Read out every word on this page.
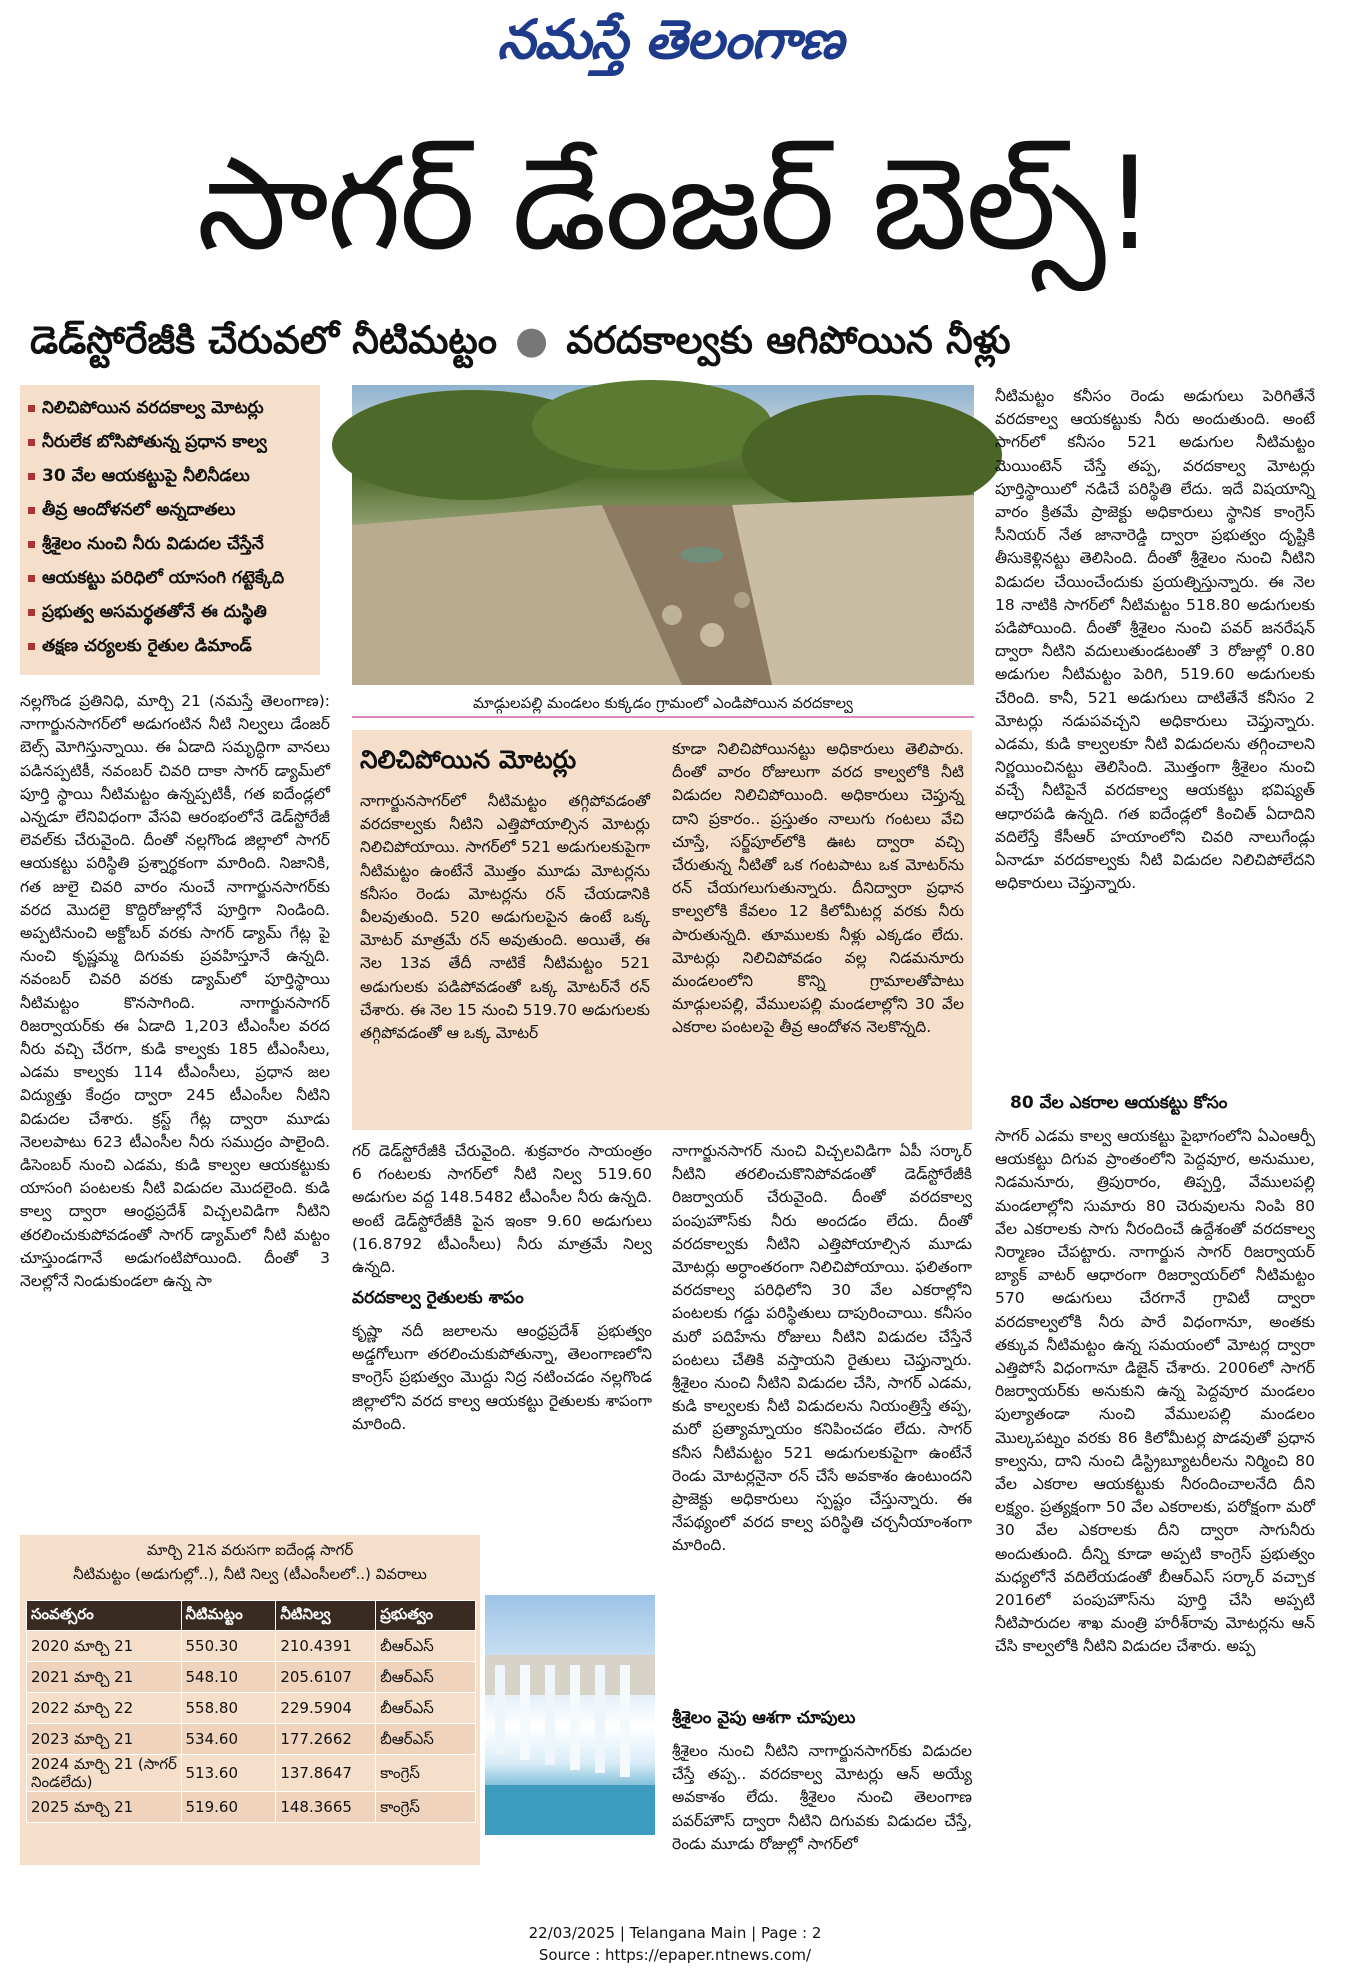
నమస్తే తెలంగాణ
సాగర్ డేంజర్ బెల్స్!
డెడ్‌స్టోరేజీకి చేరువలో నీటిమట్టం ● వరదకాల్వకు ఆగిపోయిన నీళ్లు
నిలిచిపోయిన వరదకాల్వ మోటర్లు
నీరులేక బోసిపోతున్న ప్రధాన కాల్వ
30 వేల ఆయకట్టుపై నీలినీడలు
తీవ్ర ఆందోళనలో అన్నదాతలు
శ్రీశైలం నుంచి నీరు విడుదల చేస్తేనే
ఆయకట్టు పరిధిలో యాసంగి గట్టెక్కేది
ప్రభుత్వ అసమర్థతతోనే ఈ దుస్థితి
తక్షణ చర్యలకు రైతుల డిమాండ్
మాడ్గులపల్లి మండలం కుక్కడం గ్రామంలో ఎండిపోయిన వరదకాల్వ

నల్లగొండ ప్రతినిధి, మార్చి 21 (నమస్తే తెలంగాణ): నాగార్జునసాగర్‌లో అడుగంటిన నీటి నిల్వలు డేంజర్ బెల్స్ మోగిస్తున్నాయి. ఈ ఏడాది సమృద్ధిగా వానలు పడినప్పటికీ, నవంబర్ చివరి దాకా సాగర్ డ్యామ్‌లో పూర్తి స్థాయి నీటిమట్టం ఉన్నప్పటికీ, గత ఐదేండ్లలో ఎన్నడూ లేనివిధంగా వేసవి ఆరంభంలోనే డెడ్‌స్టోరేజీ లెవల్‌కు చేరువైంది. దీంతో నల్లగొండ జిల్లాలో సాగర్ ఆయకట్టు పరిస్థితి ప్రశ్నార్థకంగా మారింది. నిజానికి, గత జులై చివరి వారం నుంచే నాగార్జునసాగర్‌కు వరద మొదలై కొద్దిరోజుల్లోనే పూర్తిగా నిండింది. అప్పటినుంచి అక్టోబర్ వరకు సాగర్ డ్యామ్ గేట్ల పై నుంచి కృష్ణమ్మ దిగువకు ప్రవహిస్తూనే ఉన్నది. నవంబర్ చివరి వరకు డ్యామ్‌లో పూర్తిస్థాయి నీటిమట్టం కొనసాగింది. నాగార్జునసాగర్ రిజర్వాయర్‌కు ఈ ఏడాది 1,203 టీఎంసీల వరద నీరు వచ్చి చేరగా, కుడి కాల్వకు 185 టీఎంసీలు, ఎడమ కాల్వకు 114 టీఎంసీలు, ప్రధాన జల విద్యుత్తు కేంద్రం ద్వారా 245 టీఎంసీల నీటిని విడుదల చేశారు. క్రస్ట్ గేట్ల ద్వారా మూడు నెలలపాటు 623 టీఎంసీల నీరు సముద్రం పాలైంది. డిసెంబర్ నుంచి ఎడమ, కుడి కాల్వల ఆయకట్టుకు యాసంగి పంటలకు నీటి విడుదల మొదలైంది. కుడి కాల్వ ద్వారా ఆంధ్రప్రదేశ్ విచ్చలవిడిగా నీటిని తరలించుకుపోవడంతో సాగర్ డ్యామ్‌లో నీటి మట్టం చూస్తుండగానే అడుగంటిపోయింది. దీంతో 3 నెలల్లోనే నిండుకుండలా ఉన్న సా

నిలిచిపోయిన మోటర్లు

నాగార్జునసాగర్‌లో నీటిమట్టం తగ్గిపోవడంతో వరదకాల్వకు నీటిని ఎత్తిపోయాల్సిన మోటర్లు నిలిచిపోయాయి. సాగర్‌లో 521 అడుగులకుపైగా నీటిమట్టం ఉంటేనే మొత్తం మూడు మోటర్లను కనీసం రెండు మోటర్లను రన్ చేయడానికి వీలవుతుంది. 520 అడుగులపైన ఉంటే ఒక్క మోటర్ మాత్రమే రన్ అవుతుంది. అయితే, ఈ నెల 13వ తేదీ నాటికే నీటిమట్టం 521 అడుగులకు పడిపోవడంతో ఒక్క మోటర్‌నే రన్ చేశారు. ఈ నెల 15 నుంచి 519.70 అడుగులకు తగ్గిపోవడంతో ఆ ఒక్క మోటర్

కూడా నిలిచిపోయినట్టు అధికారులు తెలిపారు. దీంతో వారం రోజులుగా వరద కాల్వలోకి నీటి విడుదల నిలిచిపోయింది. అధికారులు చెప్తున్న దాని ప్రకారం.. ప్రస్తుతం నాలుగు గంటలు వేచి చూస్తే, సర్జ్‌పూల్‌లోకి ఊట ద్వారా వచ్చి చేరుతున్న నీటితో ఒక గంటపాటు ఒక మోటర్‌ను రన్ చేయగలుగుతున్నారు. దీనిద్వారా ప్రధాన కాల్వలోకి కేవలం 12 కిలోమీటర్ల వరకు నీరు పారుతున్నది. తూములకు నీళ్లు ఎక్కడం లేదు. మోటర్లు నిలిచిపోవడం వల్ల నిడమనూరు మండలంలోని కొన్ని గ్రామాలతోపాటు మాడ్గులపల్లి, వేములపల్లి మండలాల్లోని 30 వేల ఎకరాల పంటలపై తీవ్ర ఆందోళన నెలకొన్నది.

గర్ డెడ్‌స్టోరేజీకి చేరువైంది. శుక్రవారం సాయంత్రం 6 గంటలకు సాగర్‌లో నీటి నిల్వ 519.60 అడుగుల వద్ద 148.5482 టీఎంసీల నీరు ఉన్నది. అంటే డెడ్‌స్టోరేజీకి పైన ఇంకా 9.60 అడుగులు (16.8792 టీఎంసీలు) నీరు మాత్రమే నిల్వ ఉన్నది.

వరదకాల్వ రైతులకు శాపం

కృష్ణా నదీ జలాలను ఆంధ్రప్రదేశ్ ప్రభుత్వం అడ్డగోలుగా తరలించుకుపోతున్నా, తెలంగాణలోని కాంగ్రెస్ ప్రభుత్వం మొద్దు నిద్ర నటించడం నల్లగొండ జిల్లాలోని వరద కాల్వ ఆయకట్టు రైతులకు శాపంగా మారింది.

నాగార్జునసాగర్ నుంచి విచ్చలవిడిగా ఏపీ సర్కార్ నీటిని తరలించుకొనిపోవడంతో డెడ్‌స్టోరేజీకి రిజర్వాయర్ చేరువైంది. దీంతో వరదకాల్వ పంపుహౌస్‌కు నీరు అందడం లేదు. దీంతో వరదకాల్వకు నీటిని ఎత్తిపోయాల్సిన మూడు మోటర్లు అర్ధాంతరంగా నిలిచిపోయాయి. ఫలితంగా వరదకాల్వ పరిధిలోని 30 వేల ఎకరాల్లోని పంటలకు గడ్డు పరిస్థితులు దాపురించాయి. కనీసం మరో పదిహేను రోజులు నీటిని విడుదల చేస్తేనే పంటలు చేతికి వస్తాయని రైతులు చెప్తున్నారు. శ్రీశైలం నుంచి నీటిని విడుదల చేసి, సాగర్ ఎడమ, కుడి కాల్వలకు నీటి విడుదలను నియంత్రిస్తే తప్ప, మరో ప్రత్యామ్నాయం కనిపించడం లేదు. సాగర్ కనీస నీటిమట్టం 521 అడుగులకుపైగా ఉంటేనే రెండు మోటర్లనైనా రన్ చేసే అవకాశం ఉంటుందని ప్రాజెక్టు అధికారులు స్పష్టం చేస్తున్నారు. ఈ నేపథ్యంలో వరద కాల్వ పరిస్థితి చర్చనీయాంశంగా మారింది.

శ్రీశైలం వైపు ఆశగా చూపులు

శ్రీశైలం నుంచి నీటిని నాగార్జునసాగర్‌కు విడుదల చేస్తే తప్ప.. వరదకాల్వ మోటర్లు ఆన్ అయ్యే అవకాశం లేదు. శ్రీశైలం నుంచి తెలంగాణ పవర్‌హౌస్ ద్వారా నీటిని దిగువకు విడుదల చేస్తే, రెండు మూడు రోజుల్లో సాగర్‌లో

నీటిమట్టం కనీసం రెండు అడుగులు పెరిగితేనే వరదకాల్వ ఆయకట్టుకు నీరు అందుతుంది. అంటే సాగర్‌లో కనీసం 521 అడుగుల నీటిమట్టం మెయింటెన్ చేస్తే తప్ప, వరదకాల్వ మోటర్లు పూర్తిస్థాయిలో నడిచే పరిస్థితి లేదు. ఇదే విషయాన్ని వారం క్రితమే ప్రాజెక్టు అధికారులు స్థానిక కాంగ్రెస్ సీనియర్ నేత జానారెడ్డి ద్వారా ప్రభుత్వం దృష్టికి తీసుకెళ్లినట్టు తెలిసింది. దీంతో శ్రీశైలం నుంచి నీటిని విడుదల చేయించేందుకు ప్రయత్నిస్తున్నారు. ఈ నెల 18 నాటికి సాగర్‌లో నీటిమట్టం 518.80 అడుగులకు పడిపోయింది. దీంతో శ్రీశైలం నుంచి పవర్ జనరేషన్ ద్వారా నీటిని వదులుతుండటంతో 3 రోజుల్లో 0.80 అడుగుల నీటిమట్టం పెరిగి, 519.60 అడుగులకు చేరింది. కానీ, 521 అడుగులు దాటితేనే కనీసం 2 మోటర్లు నడుపవచ్చని అధికారులు చెప్తున్నారు. ఎడమ, కుడి కాల్వలకూ నీటి విడుదలను తగ్గించాలని నిర్ణయించినట్టు తెలిసింది. మొత్తంగా శ్రీశైలం నుంచి వచ్చే నీటిపైనే వరదకాల్వ ఆయకట్టు భవిష్యత్ ఆధారపడి ఉన్నది. గత ఐదేండ్లలో కించిత్ ఏదాదిని వదిలేస్తే కేసీఆర్ హయాంలోని చివరి నాలుగేండ్లు ఏనాడూ వరదకాల్వకు నీటి విడుదల నిలిచిపోలేదని అధికారులు చెప్తున్నారు.

80 వేల ఎకరాల ఆయకట్టు కోసం

సాగర్ ఎడమ కాల్వ ఆయకట్టు పైభాగంలోని ఏఎంఆర్పీ ఆయకట్టు దిగువ ప్రాంతంలోని పెద్దవూర, అనుముల, నిడమనూరు, త్రిపురారం, తిప్పర్తి, వేములపల్లి మండలాల్లోని సుమారు 80 చెరువులను నింపి 80 వేల ఎకరాలకు సాగు నీరందించే ఉద్దేశంతో వరదకాల్వ నిర్మాణం చేపట్టారు. నాగార్జున సాగర్ రిజర్వాయర్ బ్యాక్ వాటర్ ఆధారంగా రిజర్వాయర్‌లో నీటిమట్టం 570 అడుగులు చేరగానే గ్రావిటీ ద్వారా వరదకాల్వలోకి నీరు పారే విధంగానూ, అంతకు తక్కువ నీటిమట్టం ఉన్న సమయంలో మోటర్ల ద్వారా ఎత్తిపోసే విధంగానూ డిజైన్ చేశారు. 2006లో సాగర్ రిజర్వాయర్‌కు అనుకుని ఉన్న పెద్దవూర మండలం పుల్యాతండా నుంచి వేములపల్లి మండలం మొల్కపట్నం వరకు 86 కిలోమీటర్ల పొడవుతో ప్రధాన కాల్వను, దాని నుంచి డిస్ట్రిబ్యూటరీలను నిర్మించి 80 వేల ఎకరాల ఆయకట్టుకు నీరందించాలనేది దీని లక్ష్యం. ప్రత్యక్షంగా 50 వేల ఎకరాలకు, పరోక్షంగా మరో 30 వేల ఎకరాలకు దీని ద్వారా సాగునీరు అందుతుంది. దీన్ని కూడా అప్పటి కాంగ్రెస్ ప్రభుత్వం మధ్యలోనే వదిలేయడంతో బీఆర్‌ఎస్ సర్కార్ వచ్చాక 2016లో పంపుహౌస్‌ను పూర్తి చేసి అప్పటి నీటిపారుదల శాఖ మంత్రి హరీశ్‌రావు మోటర్లను ఆన్ చేసి కాల్వలోకి నీటిని విడుదల చేశారు. అప్ప

మార్చి 21న వరుసగా ఐదేండ్ల సాగర్
నీటిమట్టం (అడుగుల్లో..), నీటి నిల్వ (టీఎంసీలలో..) వివరాలు
సంవత్సరం	నీటిమట్టం	నీటినిల్వ	ప్రభుత్వం
2020 మార్చి 21	550.30	210.4391	బీఆర్‌ఎస్
2021 మార్చి 21	548.10	205.6107	బీఆర్‌ఎస్
2022 మార్చి 22	558.80	229.5904	బీఆర్‌ఎస్
2023 మార్చి 21	534.60	177.2662	బీఆర్‌ఎస్
2024 మార్చి 21 (సాగర్ నిండలేదు)	513.60	137.8647	కాంగ్రెస్
2025 మార్చి 21	519.60	148.3665	కాంగ్రెస్
22/03/2025 | Telangana Main | Page : 2
Source : https://epaper.ntnews.com/
